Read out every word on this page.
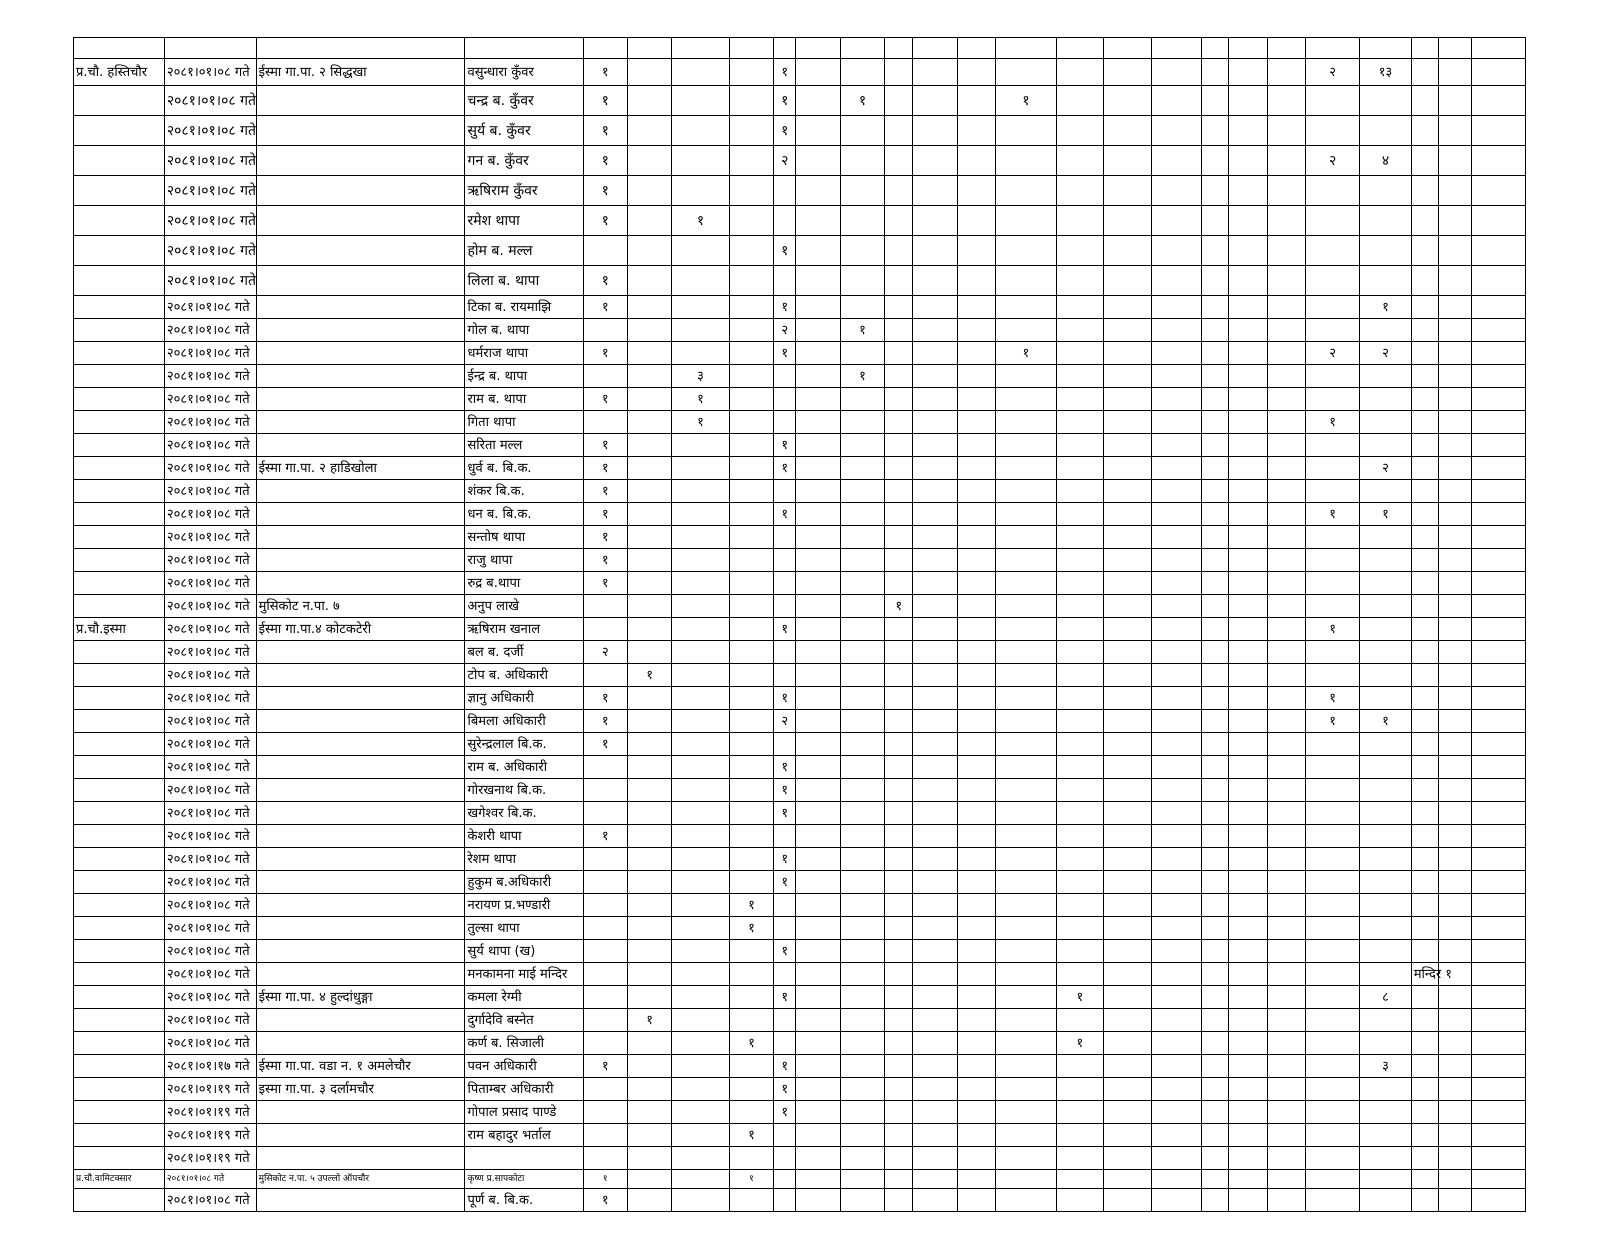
प्र.चौ. हस्तिचौर	२०८१।०१।०८ गते	ईस्मा गा.पा. २ सिद्धखा	वसुन्धारा कुँवर	१				१													२	१३			
	२०८१।०१।०८ गते		चन्द्र ब. कुँवर	१				१		१				१											
	२०८१।०१।०८ गते		सुर्य ब. कुँवर	१				१																	
	२०८१।०१।०८ गते		गन ब. कुँवर	१				२													२	४			
	२०८१।०१।०८ गते		ऋषिराम कुँवर	१																					
	२०८१।०१।०८ गते		रमेश थापा	१		१																			
	२०८१।०१।०८ गते		होम ब. मल्ल					१																	
	२०८१।०१।०८ गते		लिला ब. थापा	१																					
	२०८१।०१।०८ गते		टिका ब. रायमाझि	१				१														१			
	२०८१।०१।०८ गते		गोल ब. थापा					२		१															
	२०८१।०१।०८ गते		धर्मराज थापा	१				१						१							२	२			
	२०८१।०१।०८ गते		ईन्द्र ब. थापा			३				१															
	२०८१।०१।०८ गते		राम ब. थापा	१		१																			
	२०८१।०१।०८ गते		गिता थापा			१															१				
	२०८१।०१।०८ गते		सरिता मल्ल	१				१																	
	२०८१।०१।०८ गते	ईस्मा गा.पा. २ हाडिखोला	धुर्व ब. बि.क.	१				१														२			
	२०८१।०१।०८ गते		शंकर बि.क.	१																					
	२०८१।०१।०८ गते		धन ब. बि.क.	१				१													१	१			
	२०८१।०१।०८ गते		सन्तोष थापा	१																					
	२०८१।०१।०८ गते		राजु थापा	१																					
	२०८१।०१।०८ गते		रुद्र ब.थापा	१																					
	२०८१।०१।०८ गते	मुसिकोट न.पा. ७	अनुप लाखे								१														
प्र.चौ.इस्मा	२०८१।०१।०८ गते	ईस्मा गा.पा.४ कोटकटेरी	ऋषिराम खनाल					१													१				
	२०८१।०१।०८ गते		बल ब. दर्जी	२																					
	२०८१।०१।०८ गते		टोप ब. अधिकारी		१																				
	२०८१।०१।०८ गते		ज्ञानु अधिकारी	१				१													१				
	२०८१।०१।०८ गते		बिमला अधिकारी	१				२													१	१			
	२०८१।०१।०८ गते		सुरेन्द्रलाल बि.क.	१																					
	२०८१।०१।०८ गते		राम ब. अधिकारी					१																	
	२०८१।०१।०८ गते		गोरखनाथ बि.क.					१																	
	२०८१।०१।०८ गते		खगेश्वर बि.क.					१																	
	२०८१।०१।०८ गते		केशरी थापा	१																					
	२०८१।०१।०८ गते		रेशम थापा					१																	
	२०८१।०१।०८ गते		हुकुम ब.अधिकारी					१																	
	२०८१।०१।०८ गते		नरायण प्र.भण्डारी				१																		
	२०८१।०१।०८ गते		तुल्सा थापा				१																		
	२०८१।०१।०८ गते		सुर्य थापा (ख)					१																	
	२०८१।०१।०८ गते		मनकामना माई मन्दिर																				मन्दिर १		
	२०८१।०१।०८ गते	ईस्मा गा.पा. ४ हुल्दांधुङ्गा	कमला रेग्मी					१							१							८			
	२०८१।०१।०८ गते		दुर्गादेवि बस्नेत		१																				
	२०८१।०१।०८ गते		कर्ण ब. सिजाली				१								१										
	२०८१।०१।१७ गते	ईस्मा गा.पा. वडा न. १ अमलेचौर	पवन अधिकारी	१				१														३			
	२०८१।०१।१९ गते	इस्मा गा.पा. ३ दर्लामचौर	पिताम्बर अधिकारी					१																	
	२०८१।०१।१९ गते		गोपाल प्रसाद पाण्डे					१																	
	२०८१।०१।१९ गते		राम बहादुर भर्ताल				१																		
	२०८१।०१।१९ गते																								
प्र.चौ.वामिटक्सार	२०८१।०१।०८ गते	मुसिकोट न.पा. ५ उपल्लो ऑपचौर	कृष्ण प्र.सापकोटा	१			१																		
	२०८१।०१।०८ गते		पूर्ण ब. बि.क.	१																					
